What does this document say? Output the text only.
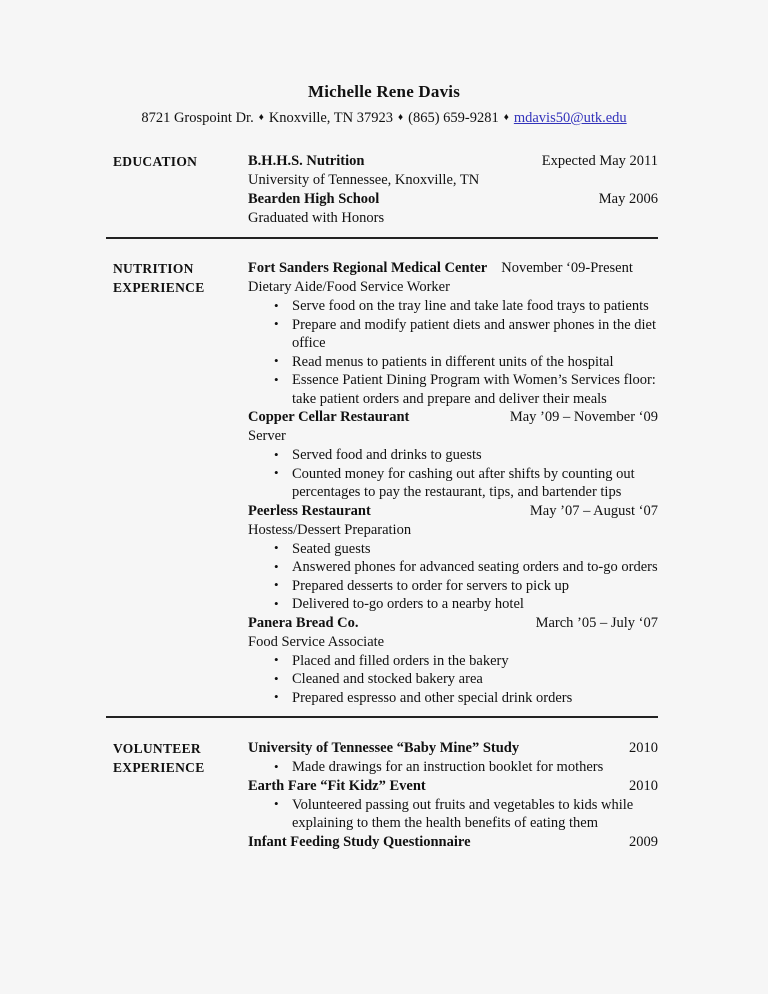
Michelle Rene Davis
8721 Grospoint Dr. ♦ Knoxville, TN 37923 ♦ (865) 659-9281 ♦ mdavis50@utk.edu
EDUCATION	B.H.H.S. Nutrition	Expected May 2011
University of Tennessee, Knoxville, TN
Bearden High School	May 2006
Graduated with Honors
NUTRITION
EXPERIENCE
Fort Sanders Regional Medical Center November ‘09-Present
Dietary Aide/Food Service Worker
• Serve food on the tray line and take late food trays to patients
• Prepare and modify patient diets and answer phones in the diet office
• Read menus to patients in different units of the hospital
• Essence Patient Dining Program with Women’s Services floor: take patient orders and prepare and deliver their meals
Copper Cellar Restaurant	May ’09 – November ‘09
Server
• Served food and drinks to guests
• Counted money for cashing out after shifts by counting out percentages to pay the restaurant, tips, and bartender tips
Peerless Restaurant	May ’07 – August ‘07
Hostess/Dessert Preparation
• Seated guests
• Answered phones for advanced seating orders and to-go orders
• Prepared desserts to order for servers to pick up
• Delivered to-go orders to a nearby hotel
Panera Bread Co.	March ’05 – July ‘07
Food Service Associate
• Placed and filled orders in the bakery
• Cleaned and stocked bakery area
• Prepared espresso and other special drink orders
VOLUNTEER
EXPERIENCE
University of Tennessee “Baby Mine” Study	2010
• Made drawings for an instruction booklet for mothers
Earth Fare “Fit Kidz” Event	2010
• Volunteered passing out fruits and vegetables to kids while explaining to them the health benefits of eating them
Infant Feeding Study Questionnaire	2009
